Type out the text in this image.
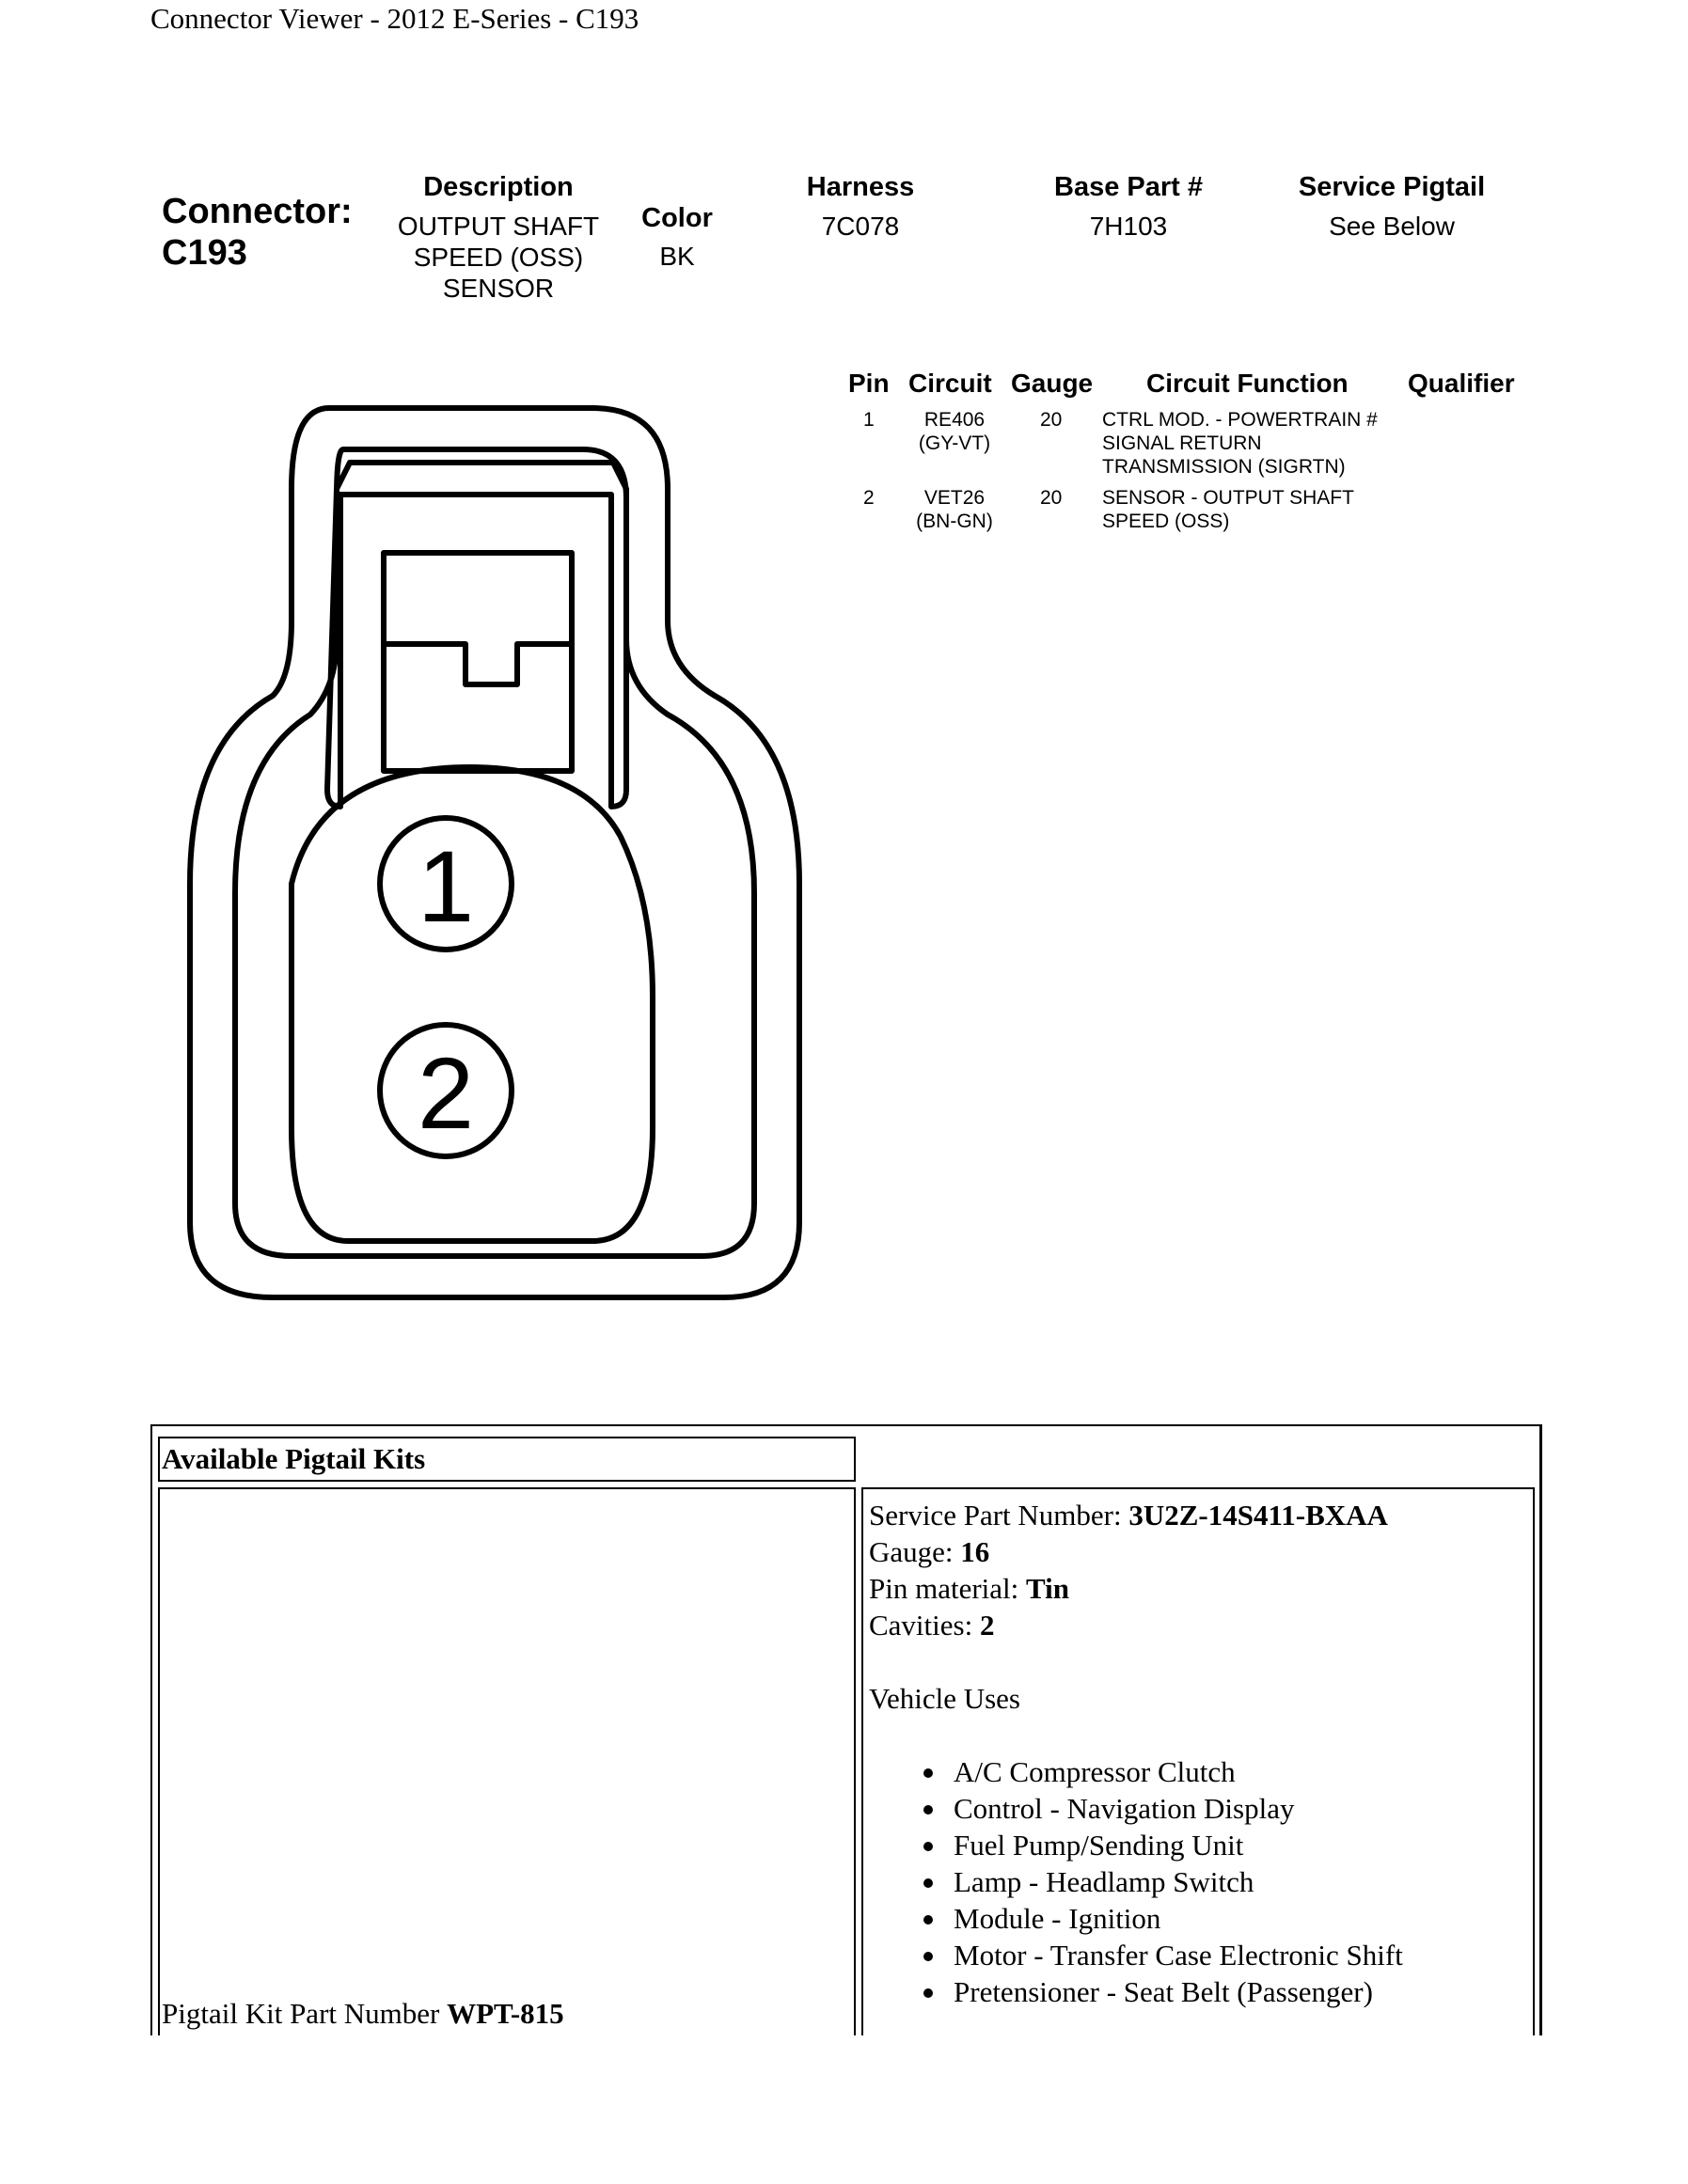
Connector Viewer - 2012 E-Series - C193
Connector:
C193
Description
OUTPUT SHAFT
SPEED (OSS)
SENSOR
Color
BK
Harness
7C078
Base Part #
7H103
Service Pigtail
See Below
Pin Circuit Gauge Circuit Function Qualifier
1	RE406
(GY-VT)
20 CTRL MOD. - POWERTRAIN #
SIGNAL RETURN
TRANSMISSION (SIGRTN)
2	VET26
(BN-GN)
20 SENSOR - OUTPUT SHAFT
SPEED (OSS)
1
2
Available Pigtail Kits
Pigtail Kit Part Number WPT-815
Service Part Number: 3U2Z-14S411-BXAA
Gauge: 16
Pin material: Tin
Cavities: 2
Vehicle Uses
A/C Compressor Clutch
Control - Navigation Display
Fuel Pump/Sending Unit
Lamp - Headlamp Switch
Module - Ignition
Motor - Transfer Case Electronic Shift
Pretensioner - Seat Belt (Passenger)
